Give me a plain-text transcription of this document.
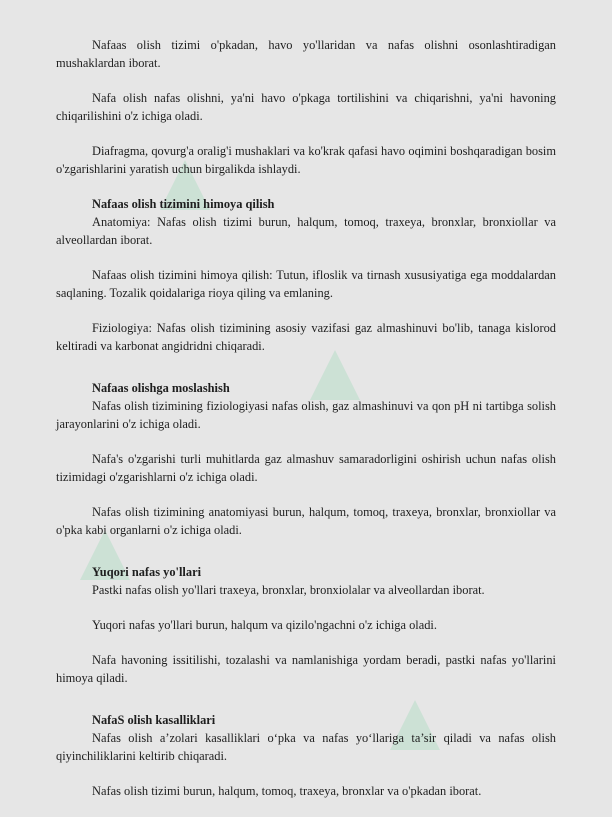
Nafaas olish tizimi o'pkadan, havo yo'llaridan va nafas olishni osonlashtiradigan mushaklardan iborat.

Nafa olish nafas olishni, ya'ni havo o'pkaga tortilishini va chiqarishni, ya'ni havoning chiqarilishini o'z ichiga oladi.

Diafragma, qovurg'a oralig'i mushaklari va ko'krak qafasi havo oqimini boshqaradigan bosim o'zgarishlarini yaratish uchun birgalikda ishlaydi.

Nafaas olish tizimini himoya qilish
Anatomiya: Nafas olish tizimi burun, halqum, tomoq, traxeya, bronxlar, bronxiollar va alveollardan iborat.

Nafaas olish tizimini himoya qilish: Tutun, ifloslik va tirnash xususiyatiga ega moddalardan saqlaning. Tozalik qoidalariga rioya qiling va emlaning.

Fiziologiya: Nafas olish tizimining asosiy vazifasi gaz almashinuvi bo'lib, tanaga kislorod keltiradi va karbonat angidridni chiqaradi.

Nafaas olishga moslashish
Nafas olish tizimining fiziologiyasi nafas olish, gaz almashinuvi va qon pH ni tartibga solish jarayonlarini o'z ichiga oladi.

Nafa's o'zgarishi turli muhitlarda gaz almashuv samaradorligini oshirish uchun nafas olish tizimidagi o'zgarishlarni o'z ichiga oladi.

Nafas olish tizimining anatomiyasi burun, halqum, tomoq, traxeya, bronxlar, bronxiollar va o'pka kabi organlarni o'z ichiga oladi.

Yuqori nafas yo'llari
Pastki nafas olish yo'llari traxeya, bronxlar, bronxiolalar va alveollardan iborat.

Yuqori nafas yo'llari burun, halqum va qizilo'ngachni o'z ichiga oladi.

Nafa havoning issitilishi, tozalashi va namlanishiga yordam beradi, pastki nafas yo'llarini himoya qiladi.

NafaS olish kasalliklari
Nafas olish a’zolari kasalliklari o‘pka va nafas yo‘llariga ta’sir qiladi va nafas olish qiyinchiliklarini keltirib chiqaradi.

Nafas olish tizimi burun, halqum, tomoq, traxeya, bronxlar va o'pkadan iborat.
